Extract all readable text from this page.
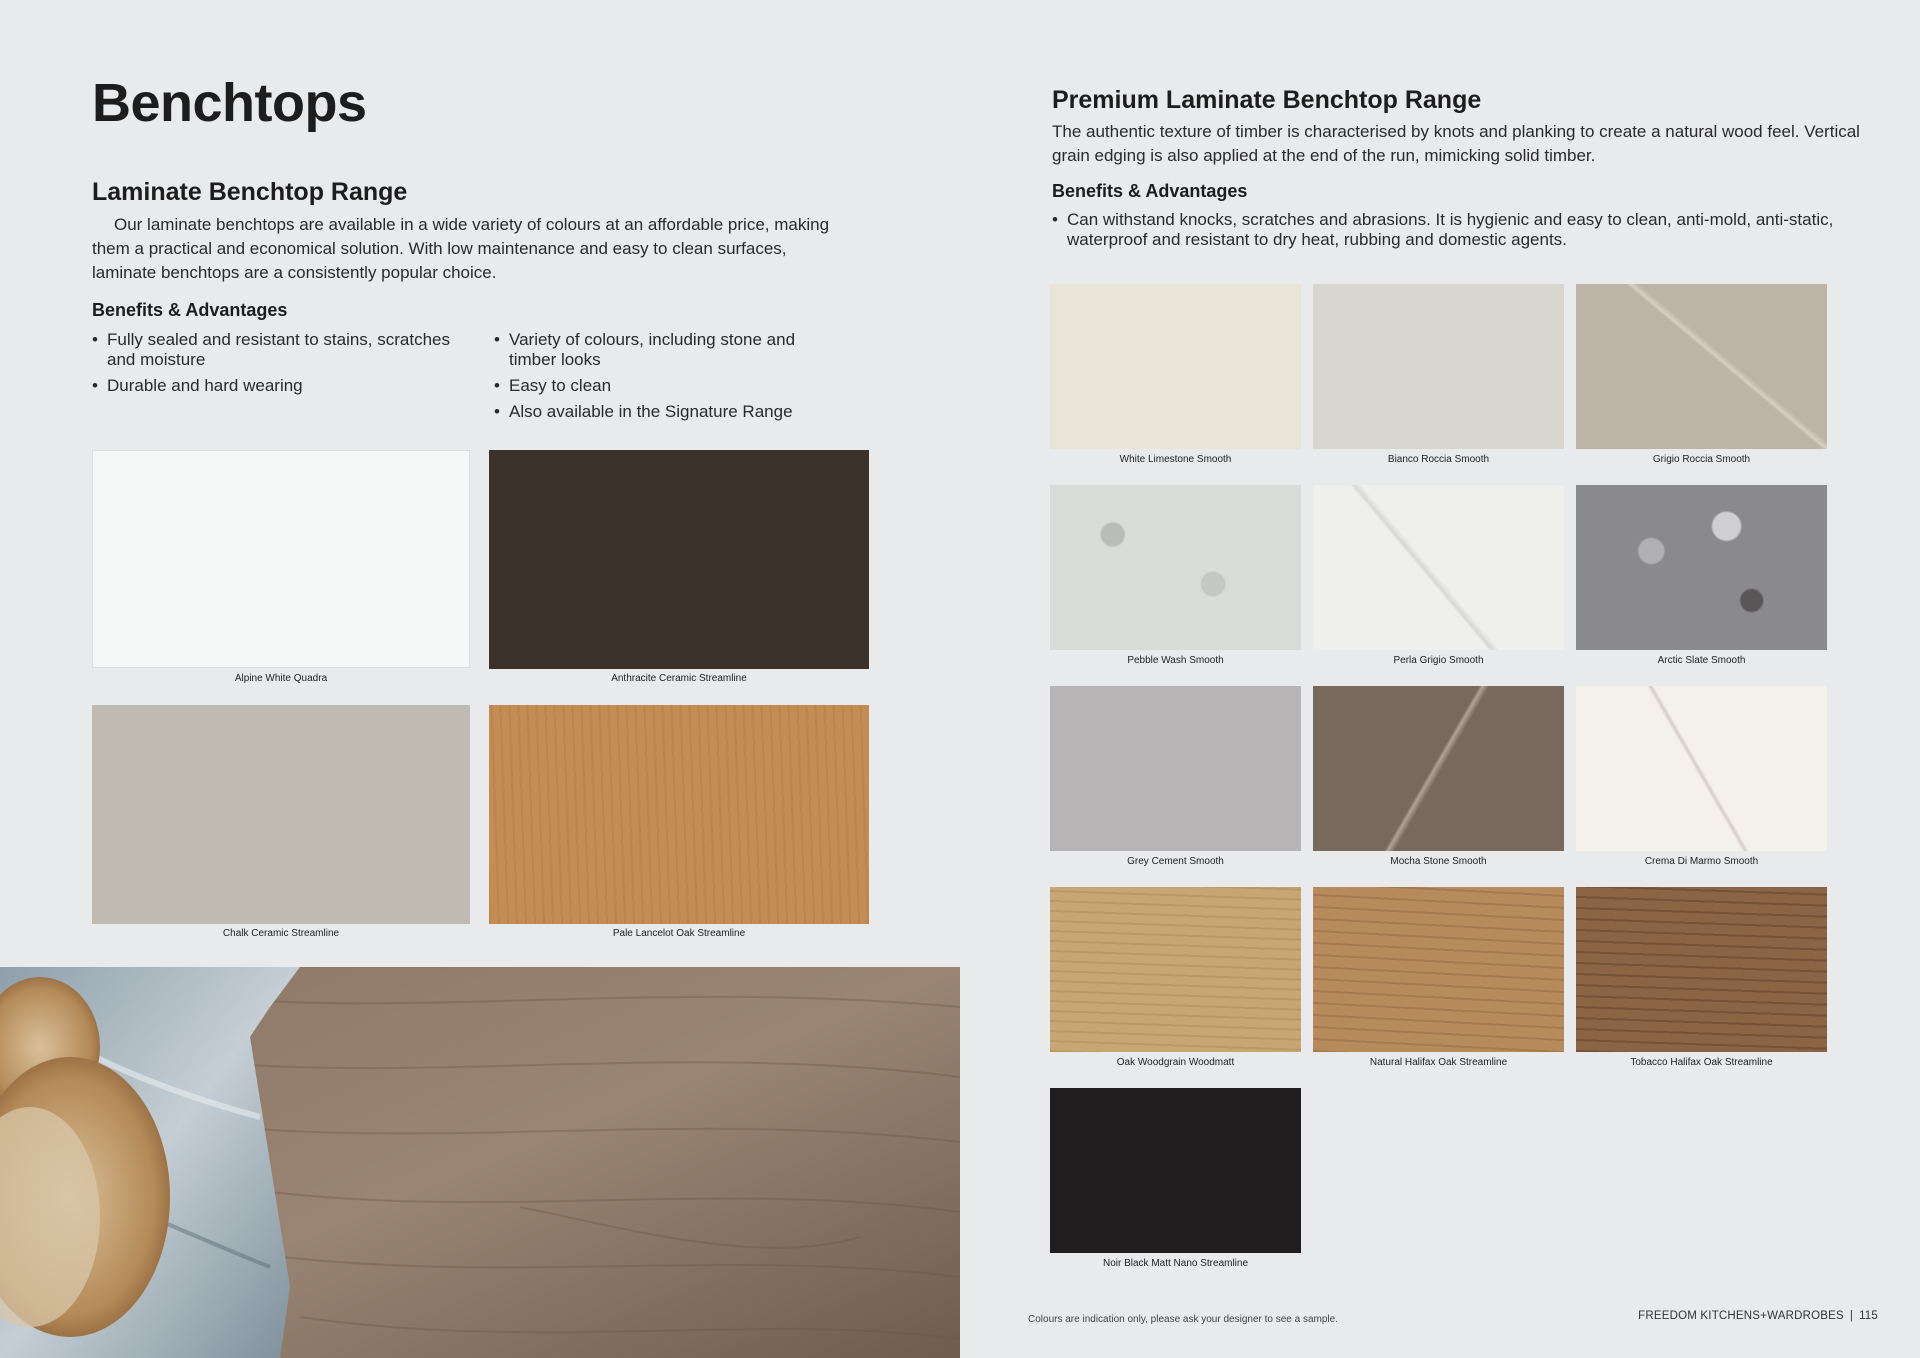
Benchtops
Laminate Benchtop Range

Our laminate benchtops are available in a wide variety of colours at an affordable price, making them a practical and economical solution. With low maintenance and easy to clean surfaces, laminate benchtops are a consistently popular choice.

Benefits & Advantages
• Fully sealed and resistant to stains, scratches and moisture
• Durable and hard wearing
• Variety of colours, including stone and timber looks
• Easy to clean
• Also available in the Signature Range
Alpine White Quadra	Anthracite Ceramic Streamline
Chalk Ceramic Streamline	Pale Lancelot Oak Streamline
Premium Laminate Benchtop Range

The authentic texture of timber is characterised by knots and planking to create a natural wood feel. Vertical grain edging is also applied at the end of the run, mimicking solid timber.

Benefits & Advantages
• Can withstand knocks, scratches and abrasions. It is hygienic and easy to clean, anti-mold, anti-static, waterproof and resistant to dry heat, rubbing and domestic agents.
White Limestone Smooth	Bianco Roccia Smooth	Grigio Roccia Smooth
Pebble Wash Smooth	Perla Grigio Smooth	Arctic Slate Smooth
Grey Cement Smooth	Mocha Stone Smooth	Crema Di Marmo Smooth
Oak Woodgrain Woodmatt	Natural Halifax Oak Streamline	Tobacco Halifax Oak Streamline
Noir Black Matt Nano Streamline
Colours are indication only, please ask your designer to see a sample.	FREEDOM KITCHENS+WARDROBES | 115
